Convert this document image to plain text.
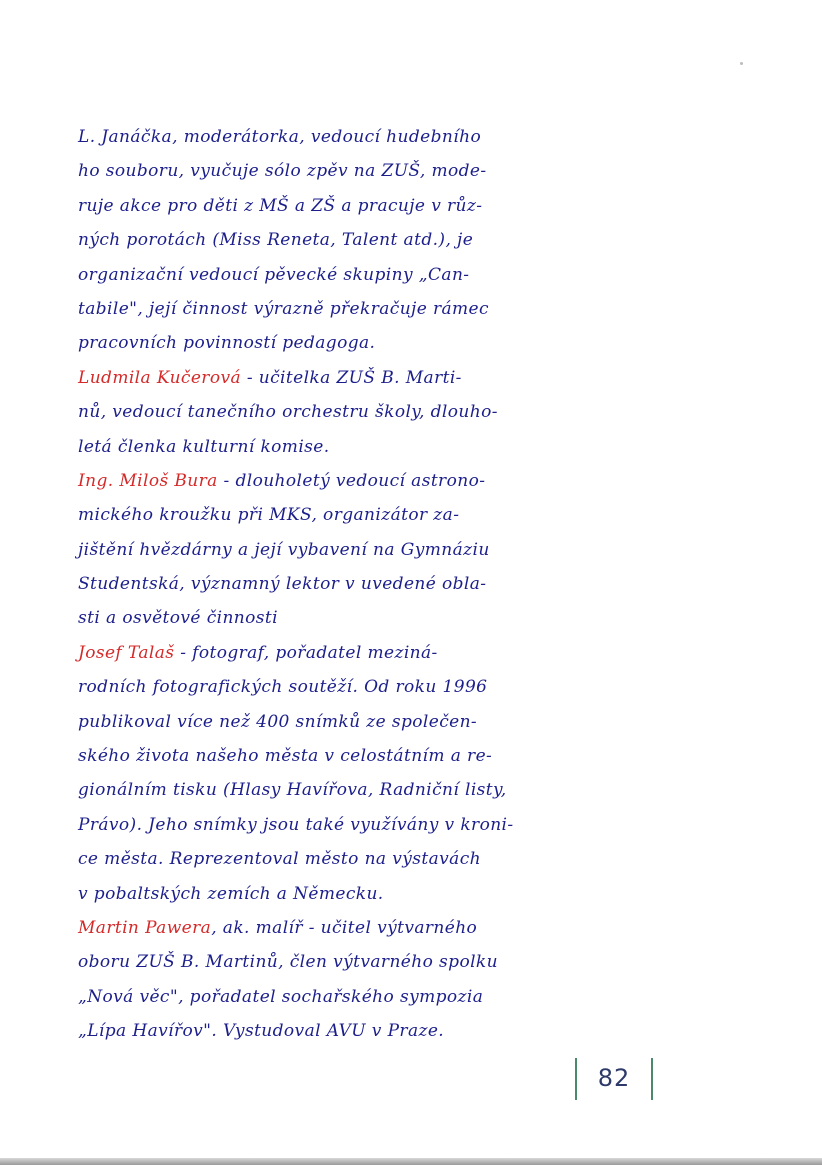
L. Janáčka, moderátorka, vedoucí hudebního
ho souboru, vyučuje sólo zpěv na ZUŠ, mode-
ruje akce pro děti z MŠ a ZŠ a pracuje v růz-
ných porotách (Miss Reneta, Talent atd.), je
organizační vedoucí pěvecké skupiny „Can-
tabile", její činnost výrazně překračuje rámec
pracovních povinností pedagoga.
Ludmila Kučerová - učitelka ZUŠ B. Marti-
nů, vedoucí tanečního orchestru školy, dlouho-
letá členka kulturní komise.
Ing. Miloš Bura - dlouholetý vedoucí astrono-
mického kroužku při MKS, organizátor za-
jištění hvězdárny a její vybavení na Gymnáziu
Studentská, významný lektor v uvedené obla-
sti a osvětové činnosti
Josef Talaš - fotograf, pořadatel meziná-
rodních fotografických soutěží. Od roku 1996
publikoval více než 400 snímků ze společen-
ského života našeho města v celostátním a re-
gionálním tisku (Hlasy Havířova, Radniční listy,
Právo). Jeho snímky jsou také využívány v kroni-
ce města. Reprezentoval město na výstavách
v pobaltských zemích a Německu.
Martin Pawera, ak. malíř - učitel výtvarného
oboru ZUŠ B. Martinů, člen výtvarného spolku
„Nová věc", pořadatel sochařského sympozia
„Lípa Havířov". Vystudoval AVU v Praze.
82
